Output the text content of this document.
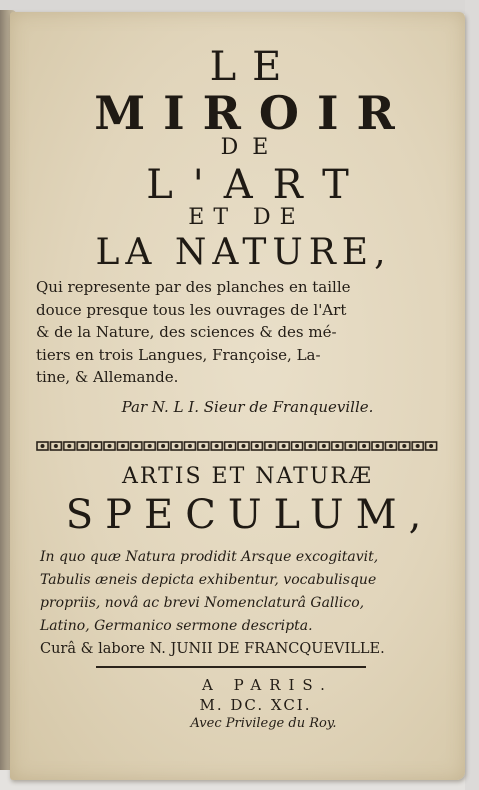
LE
MIROIR
DE
L'ART
ET DE
LA NATURE,
Qui represente par des planches en taille
douce presque tous les ouvrages de l'Art
& de la Nature, des sciences & des mé-
tiers en trois Langues, Françoise, La-
tine, & Allemande.
Par N. L I. Sieur de Franqueville.
ARTIS ET NATURÆ
SPECULUM,
In quo quæ Natura prodidit Arsque excogitavit,
Tabulis æneis depicta exhibentur, vocabulisque
propriis, novâ ac brevi Nomenclaturâ Gallico,
Latino, Germanico sermone descripta.
Curâ & labore N. JUNII DE FRANCQUEVILLE.
A PARIS.
M. DC. XCI.
Avec Privilege du Roy.
